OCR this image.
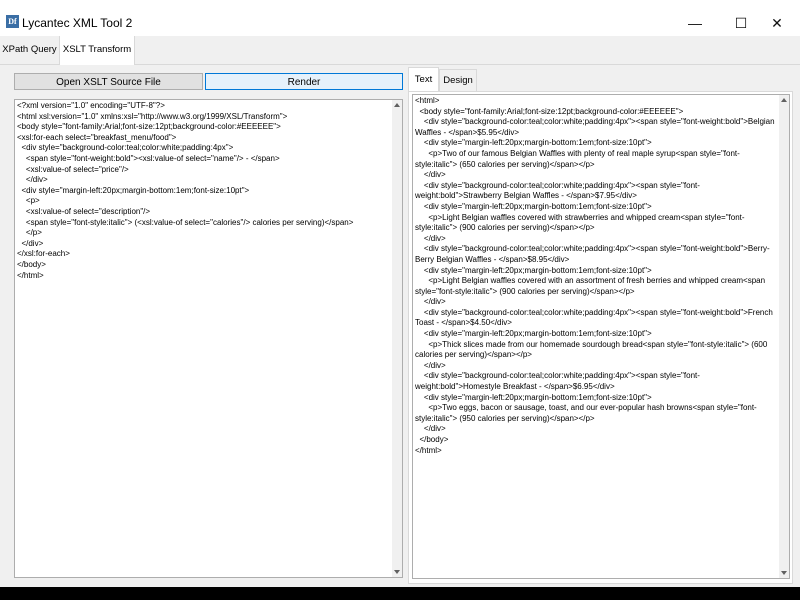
Df Lycantec XML Tool 2	—	☐	✕
XPath Query XSLT Transform
Open XSLT Source File	Render
<?xml version="1.0" encoding="UTF-8"?>
<html xsl:version="1.0" xmlns:xsl="http://www.w3.org/1999/XSL/Transform">
<body style="font-family:Arial;font-size:12pt;background-color:#EEEEEE">
<xsl:for-each select="breakfast_menu/food">
<div style="background-color:teal;color:white;padding:4px">
<span style="font-weight:bold"><xsl:value-of select="name"/> - </span>
<xsl:value-of select="price"/>
</div>
<div style="margin-left:20px;margin-bottom:1em;font-size:10pt">
<p>
<xsl:value-of select="description"/>
<span style="font-style:italic"> (<xsl:value-of select="calories"/> calories per serving)</span>
</p>
</div>
</xsl:for-each>
</body>
</html>
Text	Design
<html>
<body style="font-family:Arial;font-size:12pt;background-color:#EEEEEE">
<div style="background-color:teal;color:white;padding:4px"><span style="font-weight:bold">Belgian Waffles - </span>$5.95</div>
<div style="margin-left:20px;margin-bottom:1em;font-size:10pt">
<p>Two of our famous Belgian Waffles with plenty of real maple syrup<span style="font-style:italic"> (650 calories per serving)</span></p>
</div>
<div style="background-color:teal;color:white;padding:4px"><span style="font-weight:bold">Strawberry Belgian Waffles - </span>$7.95</div>
<div style="margin-left:20px;margin-bottom:1em;font-size:10pt">
<p>Light Belgian waffles covered with strawberries and whipped cream<span style="font-style:italic"> (900 calories per serving)</span></p>
</div>
<div style="background-color:teal;color:white;padding:4px"><span style="font-weight:bold">Berry-Berry Belgian Waffles - </span>$8.95</div>
<div style="margin-left:20px;margin-bottom:1em;font-size:10pt">
<p>Light Belgian waffles covered with an assortment of fresh berries and whipped cream<span style="font-style:italic"> (900 calories per serving)</span></p>
</div>
<div style="background-color:teal;color:white;padding:4px"><span style="font-weight:bold">French Toast - </span>$4.50</div>
<div style="margin-left:20px;margin-bottom:1em;font-size:10pt">
<p>Thick slices made from our homemade sourdough bread<span style="font-style:italic"> (600 calories per serving)</span></p>
</div>
<div style="background-color:teal;color:white;padding:4px"><span style="font-weight:bold">Homestyle Breakfast - </span>$6.95</div>
<div style="margin-left:20px;margin-bottom:1em;font-size:10pt">
<p>Two eggs, bacon or sausage, toast, and our ever-popular hash browns<span style="font-style:italic"> (950 calories per serving)</span></p>
</div>
</body>
</html>
